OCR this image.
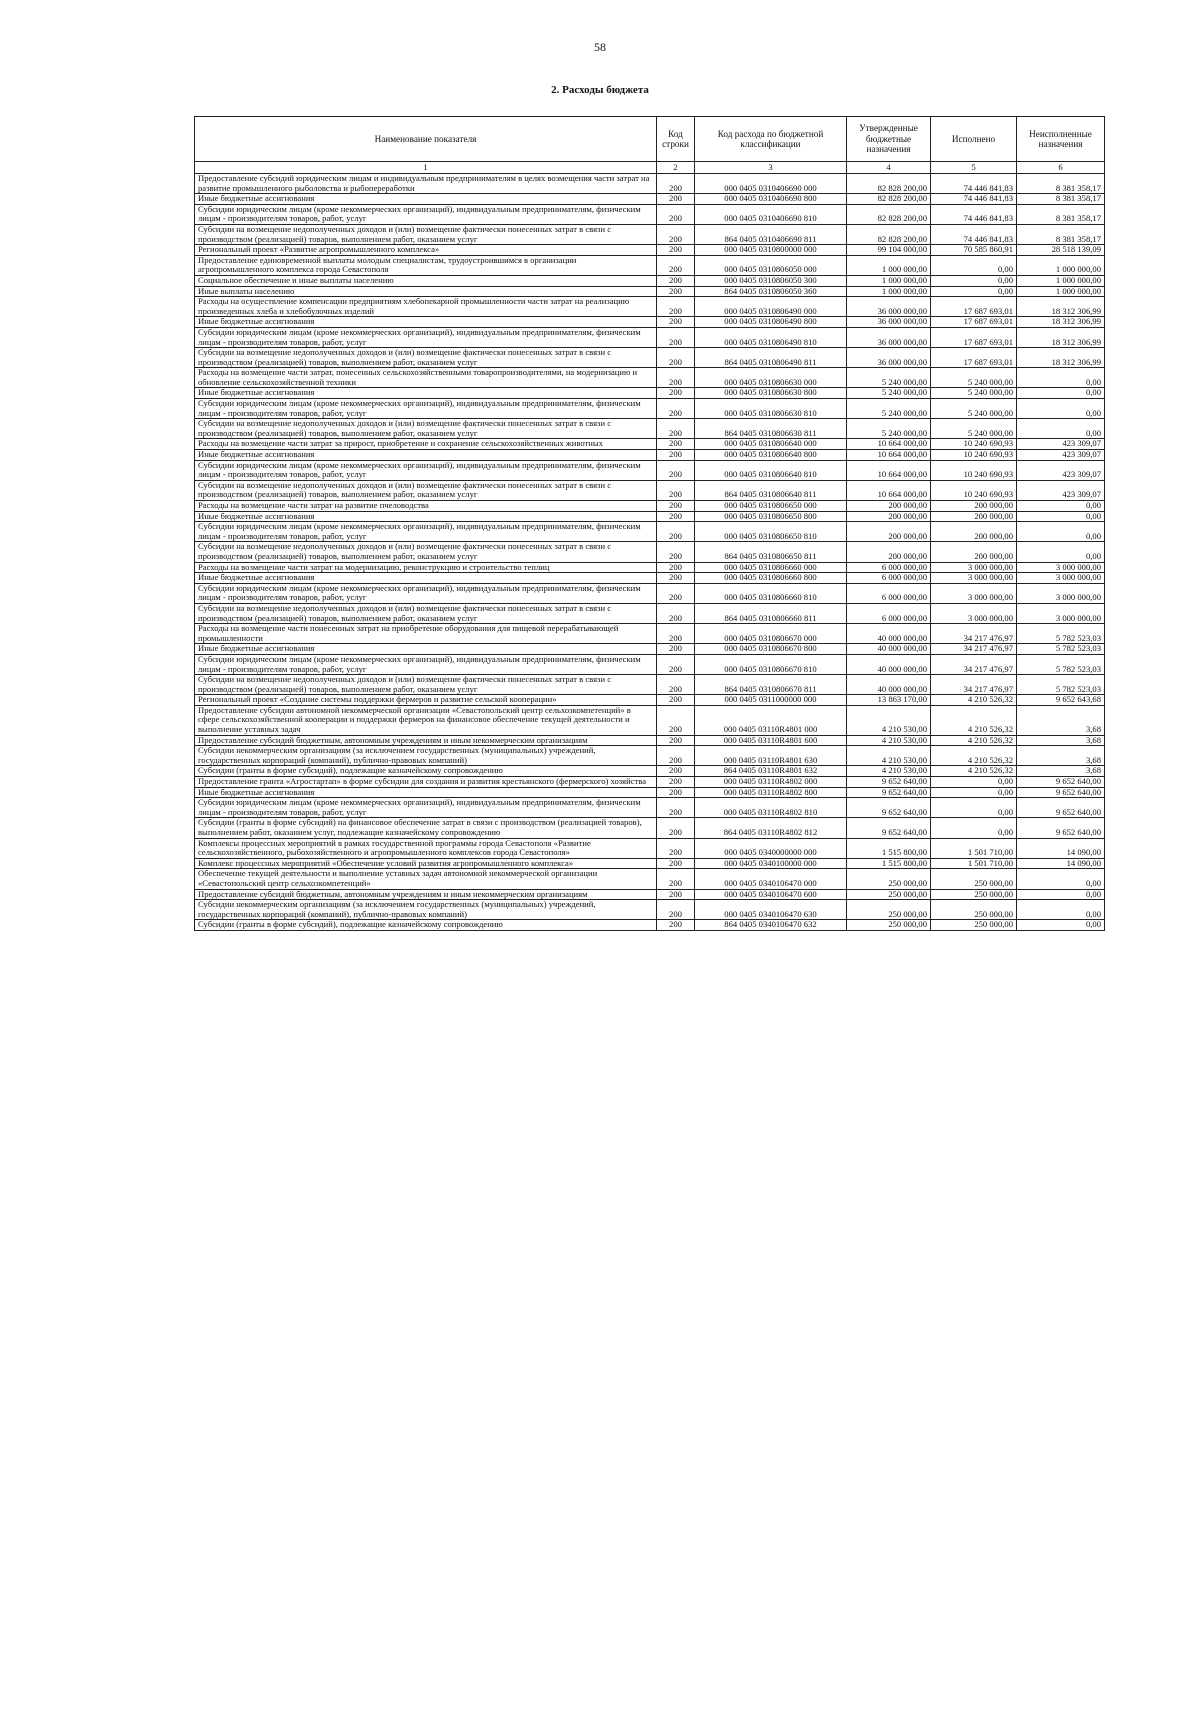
58
2. Расходы бюджета
Наименование показателя	Код строки	Код расхода по бюджетной классификации	Утвержденные бюджетные назначения	Исполнено	Неисполненные назначения
1	2	3	4	5	6
Предоставление субсидий юридическим лицам и индивидуальным предпринимателям в целях возмещения части затрат на развитие промышленного рыболовства и рыбопереработки	200	000 0405 0310406690 000	82 828 200,00	74 446 841,83	8 381 358,17
Иные бюджетные ассигнования	200	000 0405 0310406690 800	82 828 200,00	74 446 841,83	8 381 358,17
Субсидии юридическим лицам (кроме некоммерческих организаций), индивидуальным предпринимателям, физическим лицам - производителям товаров, работ, услуг	200	000 0405 0310406690 810	82 828 200,00	74 446 841,83	8 381 358,17
Субсидии на возмещение недополученных доходов и (или) возмещение фактически понесенных затрат в связи с производством (реализацией) товаров, выполнением работ, оказанием услуг	200	864 0405 0310406690 811	82 828 200,00	74 446 841,83	8 381 358,17
Региональный проект «Развитие агропромышленного комплекса»	200	000 0405 0310800000 000	99 104 000,00	70 585 860,91	28 518 139,09
Предоставление единовременной выплаты молодым специалистам, трудоустроившимся в организации агропромышленного комплекса города Севастополя	200	000 0405 0310806050 000	1 000 000,00	0,00	1 000 000,00
Социальное обеспечение и иные выплаты населению	200	000 0405 0310806050 300	1 000 000,00	0,00	1 000 000,00
Иные выплаты населению	200	864 0405 0310806050 360	1 000 000,00	0,00	1 000 000,00
Расходы на осуществление компенсации предприятиям хлебопекарной промышленности части затрат на реализацию произведенных хлеба и хлебобулочных изделий	200	000 0405 0310806490 000	36 000 000,00	17 687 693,01	18 312 306,99
Иные бюджетные ассигнования	200	000 0405 0310806490 800	36 000 000,00	17 687 693,01	18 312 306,99
Субсидии юридическим лицам (кроме некоммерческих организаций), индивидуальным предпринимателям, физическим лицам - производителям товаров, работ, услуг	200	000 0405 0310806490 810	36 000 000,00	17 687 693,01	18 312 306,99
Субсидии на возмещение недополученных доходов и (или) возмещение фактически понесенных затрат в связи с производством (реализацией) товаров, выполнением работ, оказанием услуг	200	864 0405 0310806490 811	36 000 000,00	17 687 693,01	18 312 306,99
Расходы на возмещение части затрат, понесенных сельскохозяйственными товаропроизводителями, на модернизацию и обновление сельскохозяйственной техники	200	000 0405 0310806630 000	5 240 000,00	5 240 000,00	0,00
Иные бюджетные ассигнования	200	000 0405 0310806630 800	5 240 000,00	5 240 000,00	0,00
Субсидии юридическим лицам (кроме некоммерческих организаций), индивидуальным предпринимателям, физическим лицам - производителям товаров, работ, услуг	200	000 0405 0310806630 810	5 240 000,00	5 240 000,00	0,00
Субсидии на возмещение недополученных доходов и (или) возмещение фактически понесенных затрат в связи с производством (реализацией) товаров, выполнением работ, оказанием услуг	200	864 0405 0310806630 811	5 240 000,00	5 240 000,00	0,00
Расходы на возмещение части затрат за прирост, приобретение и сохранение сельскохозяйственных животных	200	000 0405 0310806640 000	10 664 000,00	10 240 690,93	423 309,07
Иные бюджетные ассигнования	200	000 0405 0310806640 800	10 664 000,00	10 240 690,93	423 309,07
Субсидии юридическим лицам (кроме некоммерческих организаций), индивидуальным предпринимателям, физическим лицам - производителям товаров, работ, услуг	200	000 0405 0310806640 810	10 664 000,00	10 240 690,93	423 309,07
Субсидии на возмещение недополученных доходов и (или) возмещение фактически понесенных затрат в связи с производством (реализацией) товаров, выполнением работ, оказанием услуг	200	864 0405 0310806640 811	10 664 000,00	10 240 690,93	423 309,07
Расходы на возмещение части затрат на развитие пчеловодства	200	000 0405 0310806650 000	200 000,00	200 000,00	0,00
Иные бюджетные ассигнования	200	000 0405 0310806650 800	200 000,00	200 000,00	0,00
Субсидии юридическим лицам (кроме некоммерческих организаций), индивидуальным предпринимателям, физическим лицам - производителям товаров, работ, услуг	200	000 0405 0310806650 810	200 000,00	200 000,00	0,00
Субсидии на возмещение недополученных доходов и (или) возмещение фактически понесенных затрат в связи с производством (реализацией) товаров, выполнением работ, оказанием услуг	200	864 0405 0310806650 811	200 000,00	200 000,00	0,00
Расходы на возмещение части затрат на модернизацию, реконструкцию и строительство теплиц	200	000 0405 0310806660 000	6 000 000,00	3 000 000,00	3 000 000,00
Иные бюджетные ассигнования	200	000 0405 0310806660 800	6 000 000,00	3 000 000,00	3 000 000,00
Субсидии юридическим лицам (кроме некоммерческих организаций), индивидуальным предпринимателям, физическим лицам - производителям товаров, работ, услуг	200	000 0405 0310806660 810	6 000 000,00	3 000 000,00	3 000 000,00
Субсидии на возмещение недополученных доходов и (или) возмещение фактически понесенных затрат в связи с производством (реализацией) товаров, выполнением работ, оказанием услуг	200	864 0405 0310806660 811	6 000 000,00	3 000 000,00	3 000 000,00
Расходы на возмещение части понесенных затрат на приобретение оборудования для пищевой перерабатывающей промышленности	200	000 0405 0310806670 000	40 000 000,00	34 217 476,97	5 782 523,03
Иные бюджетные ассигнования	200	000 0405 0310806670 800	40 000 000,00	34 217 476,97	5 782 523,03
Субсидии юридическим лицам (кроме некоммерческих организаций), индивидуальным предпринимателям, физическим лицам - производителям товаров, работ, услуг	200	000 0405 0310806670 810	40 000 000,00	34 217 476,97	5 782 523,03
Субсидии на возмещение недополученных доходов и (или) возмещение фактически понесенных затрат в связи с производством (реализацией) товаров, выполнением работ, оказанием услуг	200	864 0405 0310806670 811	40 000 000,00	34 217 476,97	5 782 523,03
Региональный проект «Создание системы поддержки фермеров и развитие сельской кооперации»	200	000 0405 0311000000 000	13 863 170,00	4 210 526,32	9 652 643,68
Предоставление субсидии автономной некоммерческой организации «Севастопольский центр сельхозкомпетенций» в сфере сельскохозяйственной кооперации и поддержки фермеров на финансовое обеспечение текущей деятельности и выполнение уставных задач	200	000 0405 03110R4801 000	4 210 530,00	4 210 526,32	3,68
Предоставление субсидий бюджетным, автономным учреждениям и иным некоммерческим организациям	200	000 0405 03110R4801 600	4 210 530,00	4 210 526,32	3,68
Субсидии некоммерческим организациям (за исключением государственных (муниципальных) учреждений, государственных корпораций (компаний), публично-правовых компаний)	200	000 0405 03110R4801 630	4 210 530,00	4 210 526,32	3,68
Субсидии (гранты в форме субсидий), подлежащие казначейскому сопровождению	200	864 0405 03110R4801 632	4 210 530,00	4 210 526,32	3,68
Предоставление гранта «Агростартап» в форме субсидии для создания и развития крестьянского (фермерского) хозяйства	200	000 0405 03110R4802 000	9 652 640,00	0,00	9 652 640,00
Иные бюджетные ассигнования	200	000 0405 03110R4802 800	9 652 640,00	0,00	9 652 640,00
Субсидии юридическим лицам (кроме некоммерческих организаций), индивидуальным предпринимателям, физическим лицам - производителям товаров, работ, услуг	200	000 0405 03110R4802 810	9 652 640,00	0,00	9 652 640,00
Субсидии (гранты в форме субсидий) на финансовое обеспечение затрат в связи с производством (реализацией товаров), выполнением работ, оказанием услуг, подлежащие казначейскому сопровождению	200	864 0405 03110R4802 812	9 652 640,00	0,00	9 652 640,00
Комплексы процессных мероприятий в рамках государственной программы города Севастополя «Развитие сельскохозяйственного, рыбохозяйственного и агропромышленного комплексов города Севастополя»	200	000 0405 0340000000 000	1 515 800,00	1 501 710,00	14 090,00
Комплекс процессных мероприятий «Обеспечение условий развития агропромышленного комплекса»	200	000 0405 0340100000 000	1 515 800,00	1 501 710,00	14 090,00
Обеспечение текущей деятельности и выполнение уставных задач автономной некоммерческой организации «Севастопольский центр сельхозкомпетенций»	200	000 0405 0340106470 000	250 000,00	250 000,00	0,00
Предоставление субсидий бюджетным, автономным учреждениям и иным некоммерческим организациям	200	000 0405 0340106470 600	250 000,00	250 000,00	0,00
Субсидии некоммерческим организациям (за исключением государственных (муниципальных) учреждений, государственных корпораций (компаний), публично-правовых компаний)	200	000 0405 0340106470 630	250 000,00	250 000,00	0,00
Субсидии (гранты в форме субсидий), подлежащие казначейскому сопровождению	200	864 0405 0340106470 632	250 000,00	250 000,00	0,00
